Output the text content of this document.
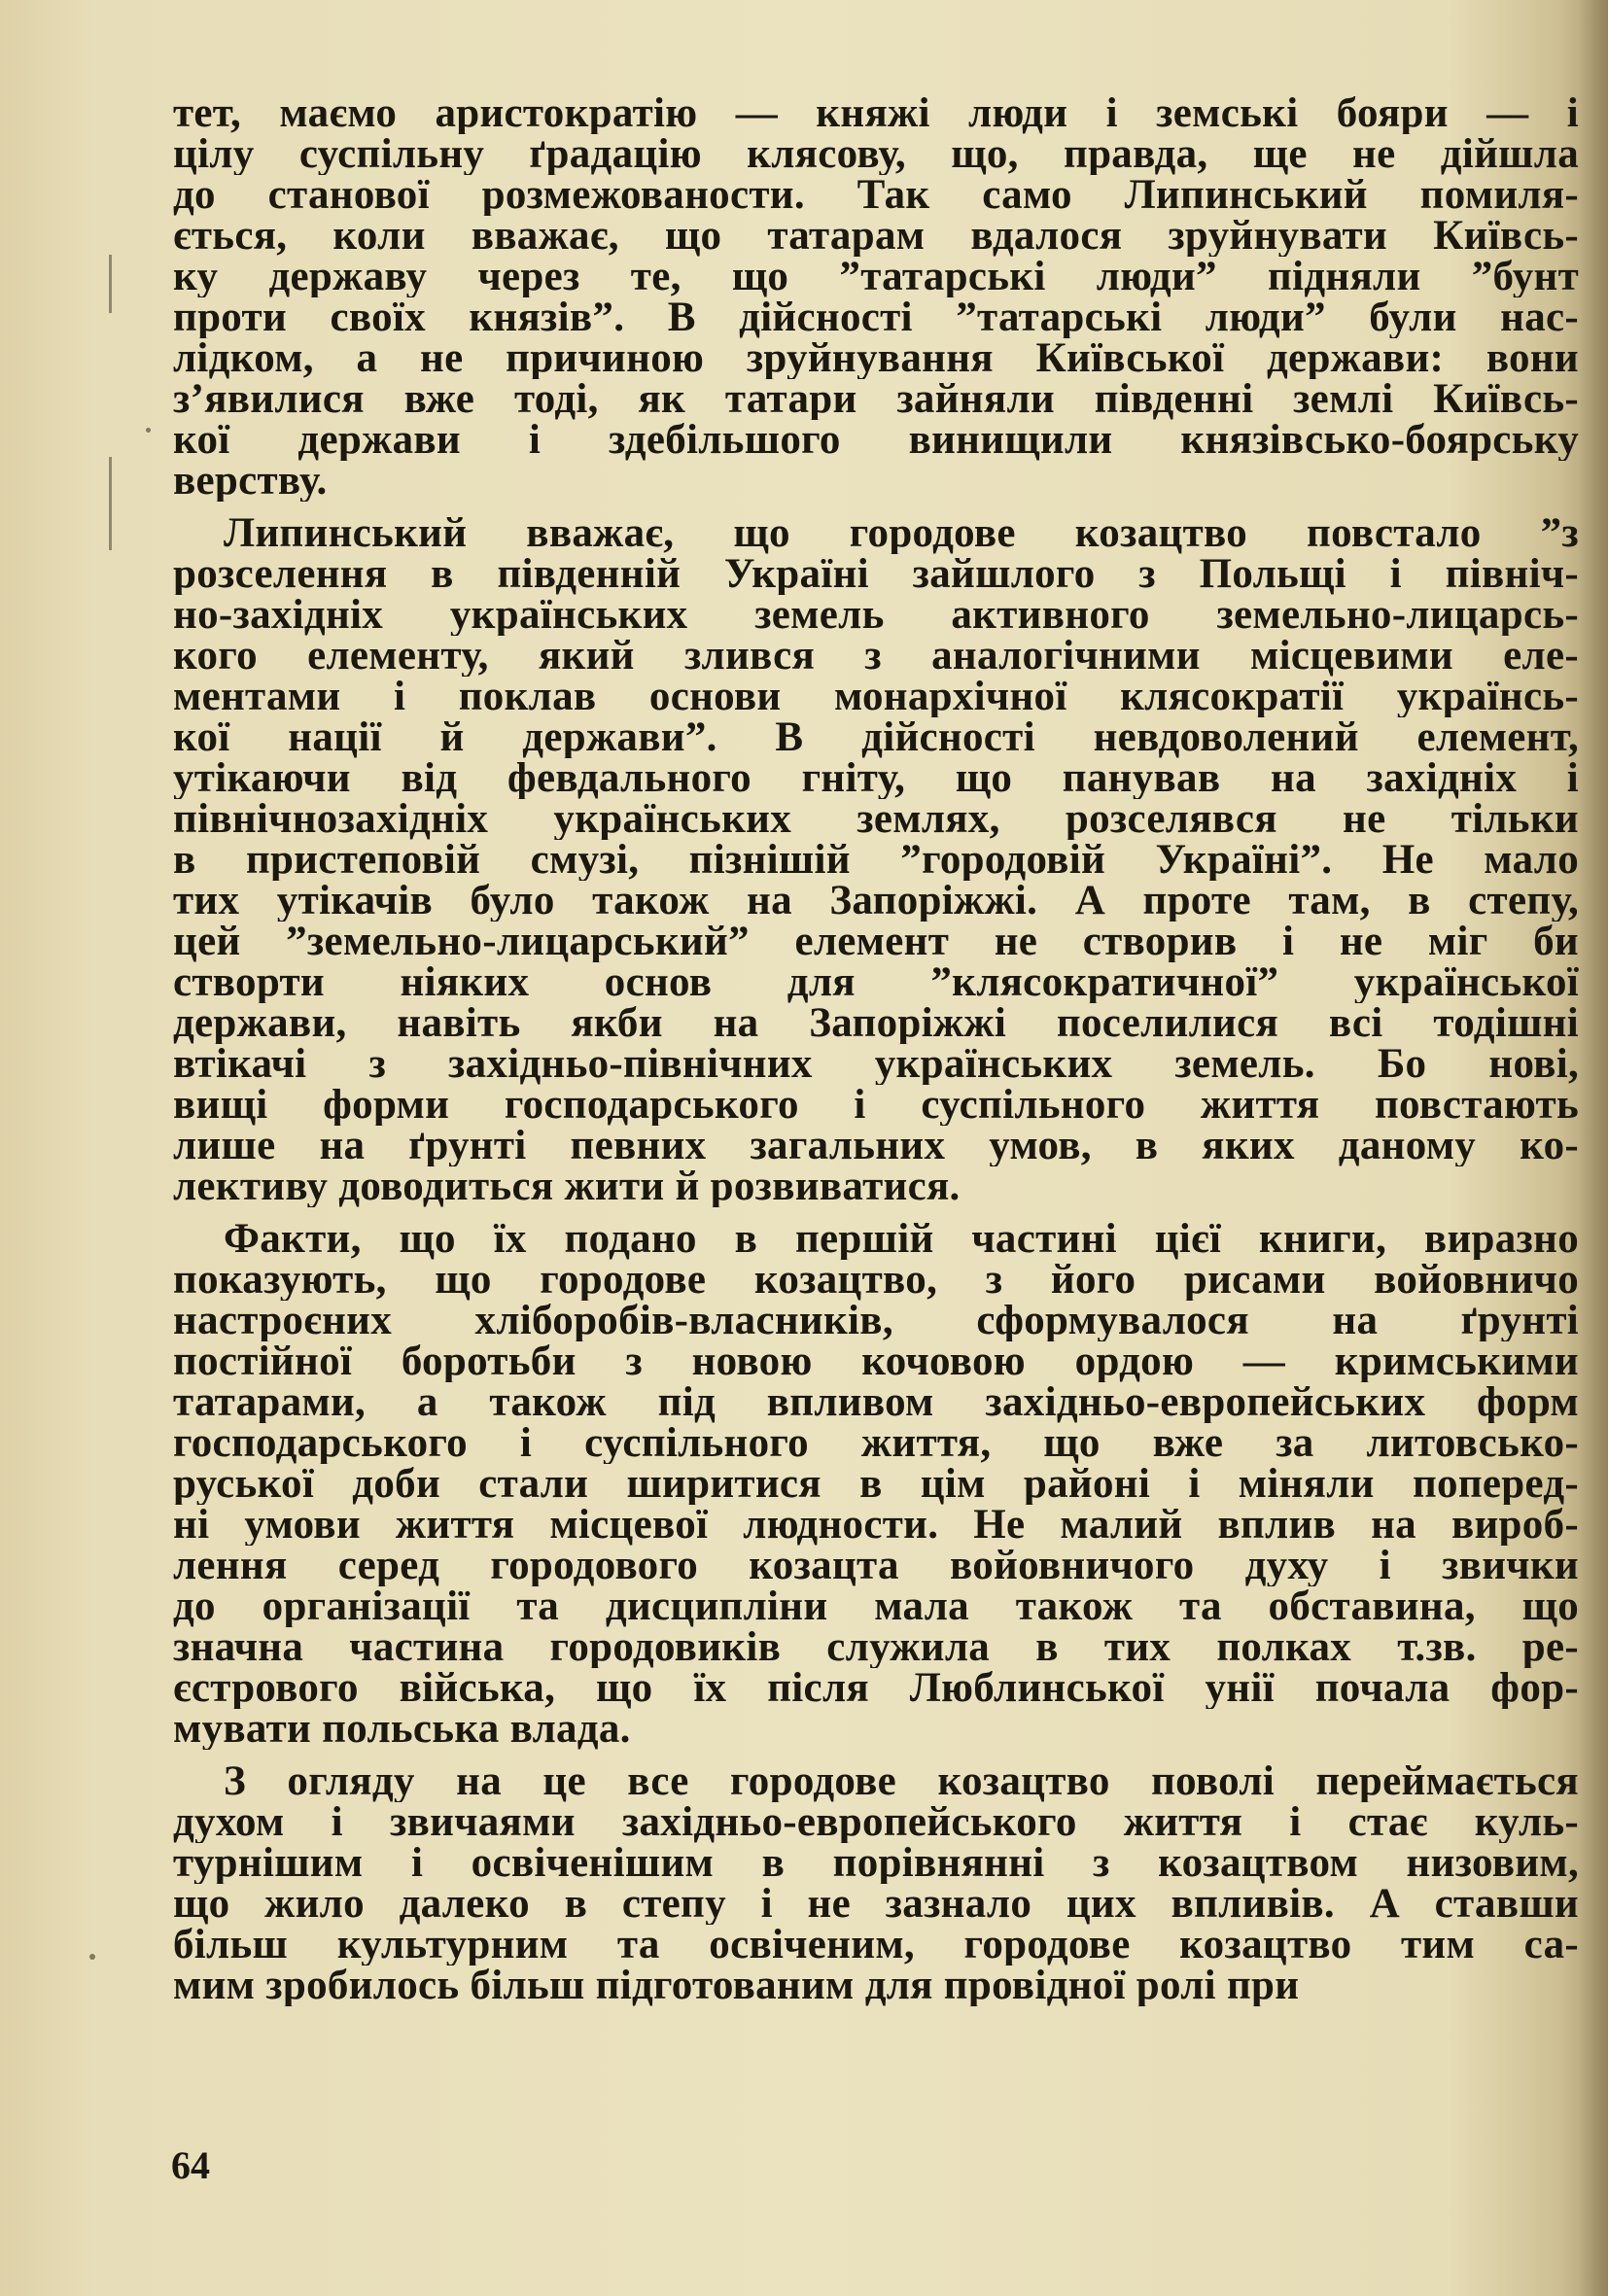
тет, маємо аристократію — княжі люди і земські бояри — і
цілу суспільну ґрадацію клясову, що, правда, ще не дійшла
до станової розмежованости. Так само Липинський помиля-
ється, коли вважає, що татарам вдалося зруйнувати Київсь-
ку державу через те, що ”татарські люди” підняли ”бунт
проти своїх князів”. В дійсності ”татарські люди” були нас-
лідком, а не причиною зруйнування Київської держави: вони
з’явилися вже тоді, як татари зайняли південні землі Київсь-
кої держави і здебільшого винищили князівсько-боярську
верству.
Липинський вважає, що городове козацтво повстало ”з
розселення в південній Україні зайшлого з Польщі і північ-
но-західніх українських земель активного земельно-лицарсь-
кого елементу, який злився з аналогічними місцевими еле-
ментами і поклав основи монархічної клясократії українсь-
кої нації й держави”. В дійсності невдоволений елемент,
утікаючи від февдального гніту, що панував на західніх і
північнозахідніх українських землях, розселявся не тільки
в пристеповій смузі, пізнішій ”городовій Україні”. Не мало
тих утікачів було також на Запоріжжі. А проте там, в степу,
цей ”земельно-лицарський” елемент не створив і не міг би
створти ніяких основ для ”клясократичної” української
держави, навіть якби на Запоріжжі поселилися всі тодішні
втікачі з західньо-північних українських земель. Бо нові,
вищі форми господарського і суспільного життя повстають
лише на ґрунті певних загальних умов, в яких даному ко-
лективу доводиться жити й розвиватися.
Факти, що їх подано в першій частині цієї книги, виразно
показують, що городове козацтво, з його рисами войовничо
настроєних хліборобів-власників, сформувалося на ґрунті
постійної боротьби з новою кочовою ордою — кримськими
татарами, а також під впливом західньо-европейських форм
господарського і суспільного життя, що вже за литовсько-
руської доби стали ширитися в цім районі і міняли поперед-
ні умови життя місцевої людности. Не малий вплив на вироб-
лення серед городового козацта войовничого духу і звички
до організації та дисципліни мала також та обставина, що
значна частина городовиків служила в тих полках т.зв. ре-
єстрового війська, що їх після Люблинської унії почала фор-
мувати польська влада.
З огляду на це все городове козацтво поволі переймається
духом і звичаями західньо-европейського життя і стає куль-
турнішим і освіченішим в порівнянні з козацтвом низовим,
що жило далеко в степу і не зазнало цих впливів. А ставши
більш культурним та освіченим, городове козацтво тим са-
мим зробилось більш підготованим для провідної ролі при
64
